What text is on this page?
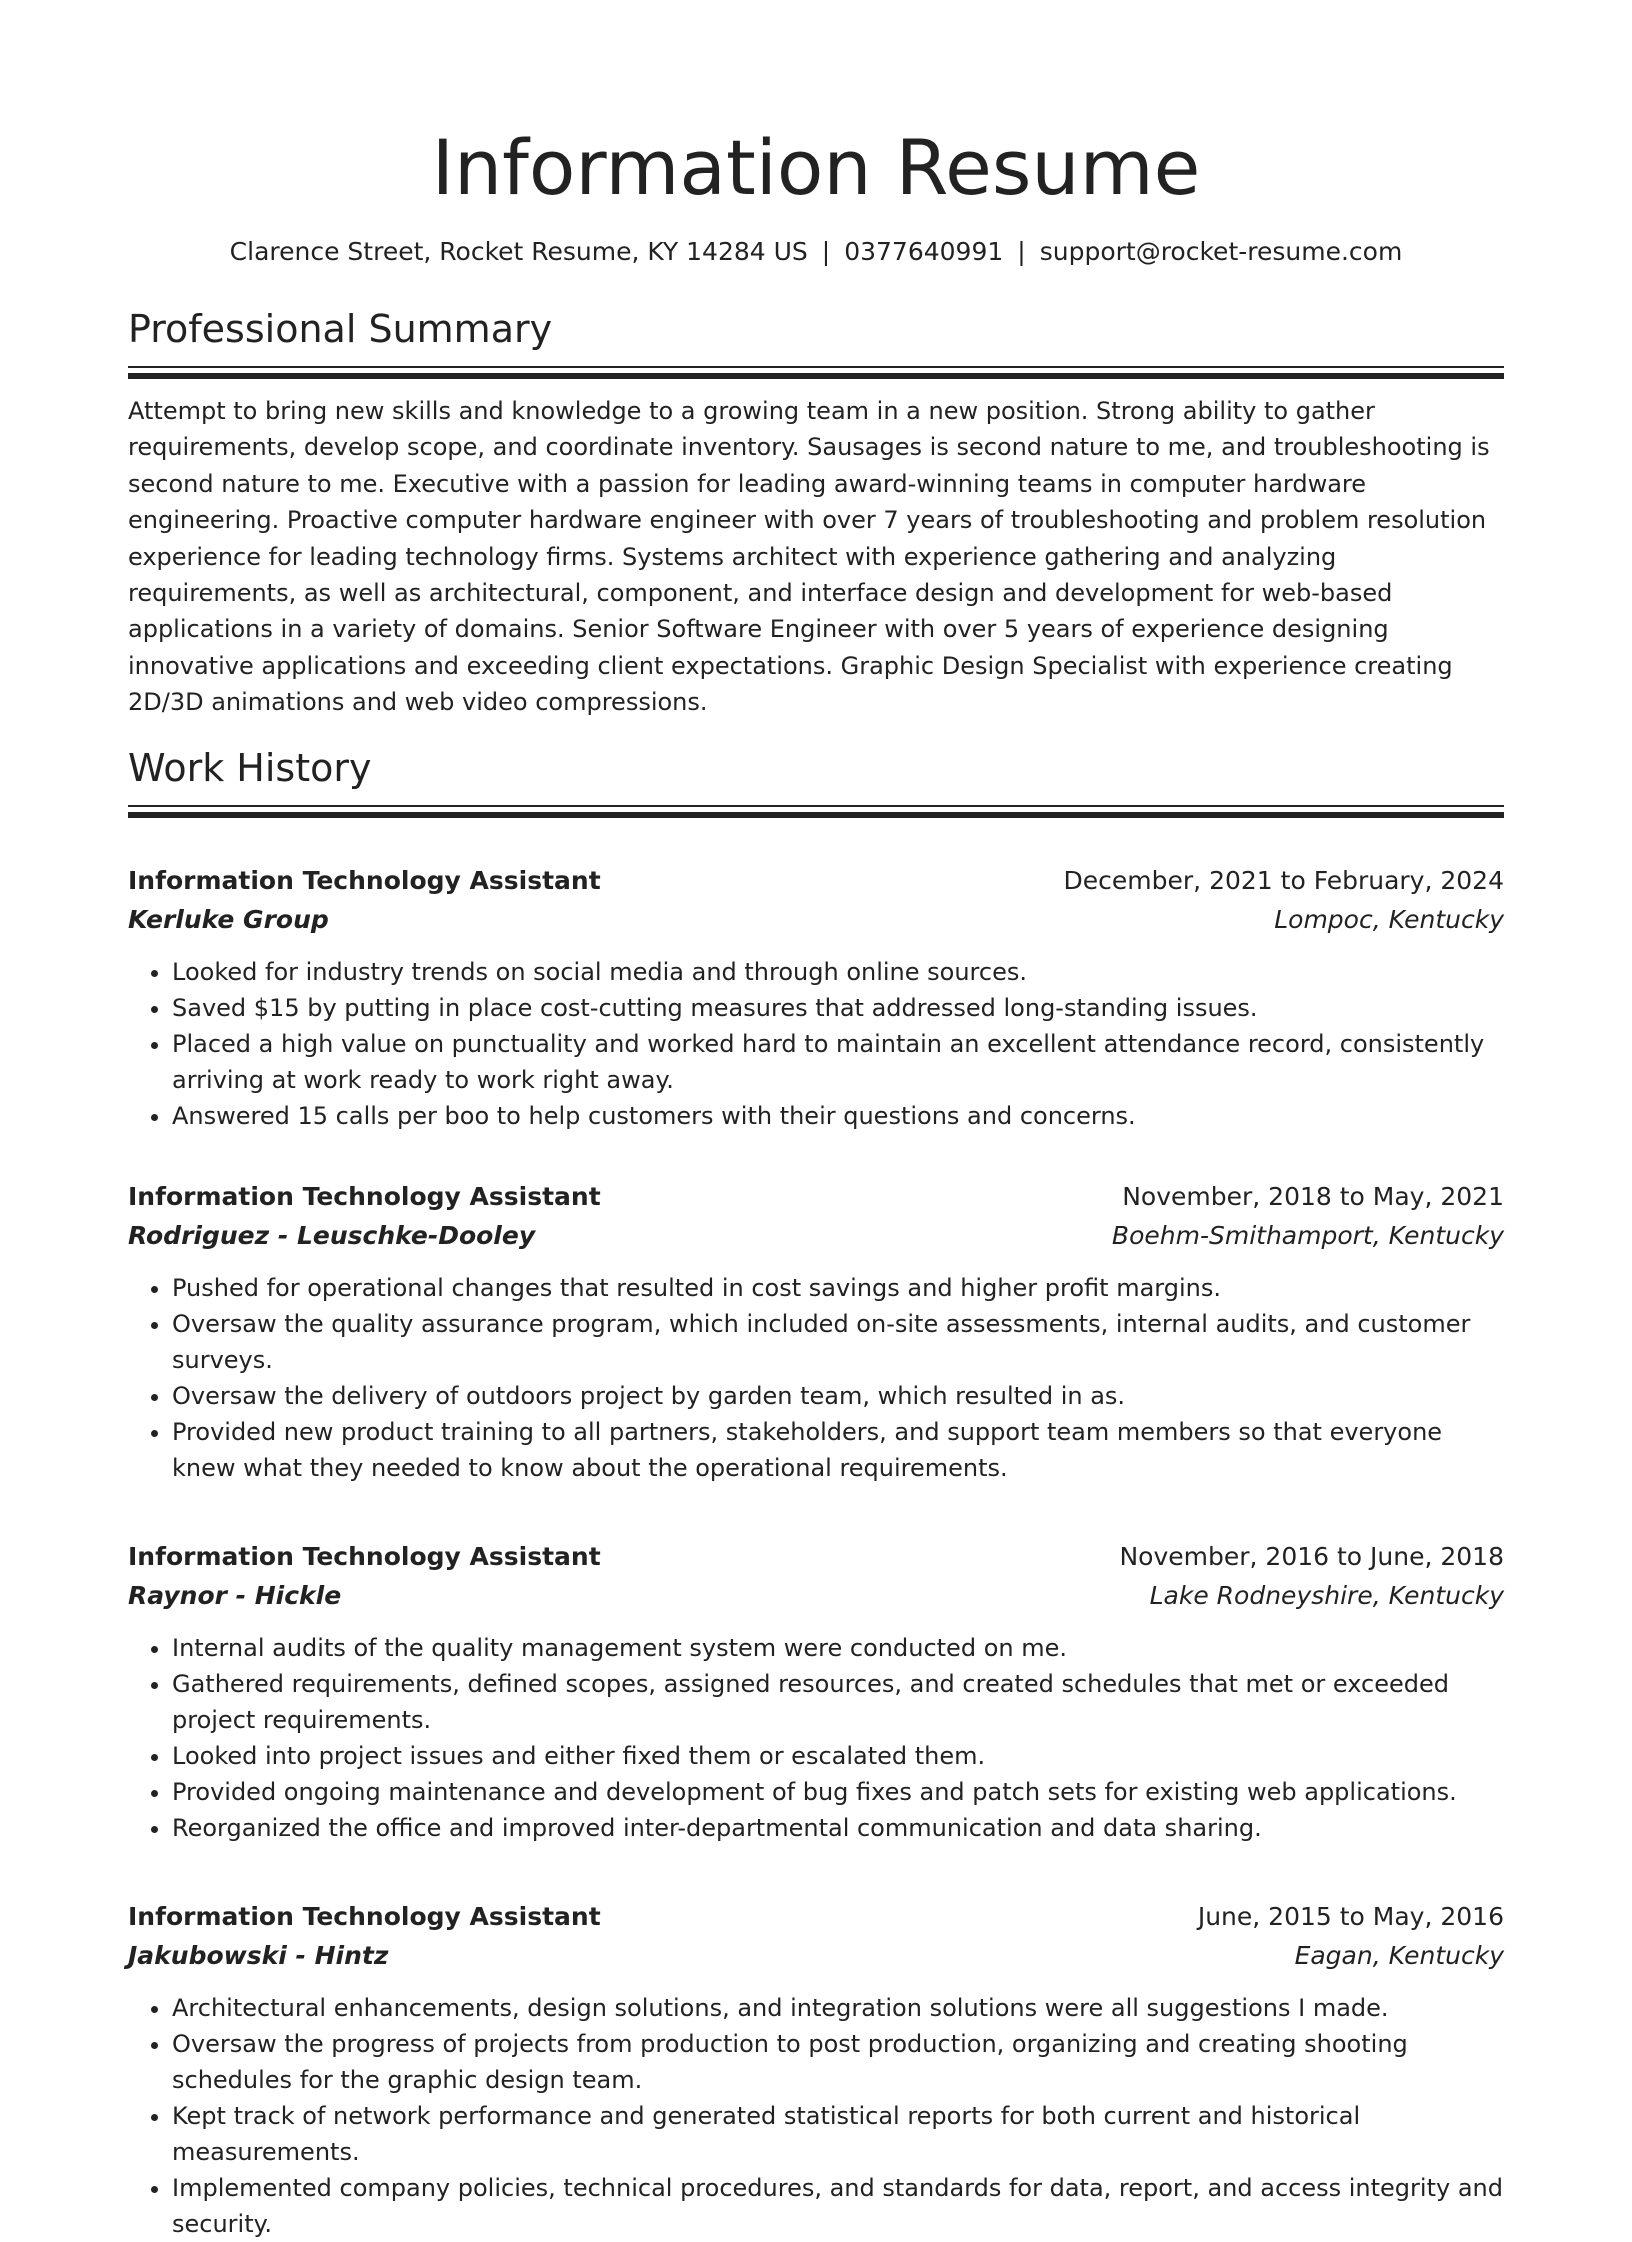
Information Resume
Clarence Street, Rocket Resume, KY 14284 US | 0377640991 | support@rocket-resume.com
Professional Summary
Attempt to bring new skills and knowledge to a growing team in a new position. Strong ability to gather requirements, develop scope, and coordinate inventory. Sausages is second nature to me, and troubleshooting is second nature to me. Executive with a passion for leading award-winning teams in computer hardware engineering. Proactive computer hardware engineer with over 7 years of troubleshooting and problem resolution experience for leading technology firms. Systems architect with experience gathering and analyzing requirements, as well as architectural, component, and interface design and development for web-based applications in a variety of domains. Senior Software Engineer with over 5 years of experience designing innovative applications and exceeding client expectations. Graphic Design Specialist with experience creating 2D/3D animations and web video compressions.
Work History
Information Technology Assistant	December, 2021 to February, 2024
Kerluke Group	Lompoc, Kentucky
• Looked for industry trends on social media and through online sources.
• Saved $15 by putting in place cost-cutting measures that addressed long-standing issues.
• Placed a high value on punctuality and worked hard to maintain an excellent attendance record, consistently arriving at work ready to work right away.
• Answered 15 calls per boo to help customers with their questions and concerns.
Information Technology Assistant	November, 2018 to May, 2021
Rodriguez - Leuschke-Dooley	Boehm-Smithamport, Kentucky
• Pushed for operational changes that resulted in cost savings and higher profit margins.
• Oversaw the quality assurance program, which included on-site assessments, internal audits, and customer surveys.
• Oversaw the delivery of outdoors project by garden team, which resulted in as.
• Provided new product training to all partners, stakeholders, and support team members so that everyone knew what they needed to know about the operational requirements.
Information Technology Assistant	November, 2016 to June, 2018
Raynor - Hickle	Lake Rodneyshire, Kentucky
• Internal audits of the quality management system were conducted on me.
• Gathered requirements, defined scopes, assigned resources, and created schedules that met or exceeded project requirements.
• Looked into project issues and either fixed them or escalated them.
• Provided ongoing maintenance and development of bug fixes and patch sets for existing web applications.
• Reorganized the office and improved inter-departmental communication and data sharing.
Information Technology Assistant	June, 2015 to May, 2016
Jakubowski - Hintz	Eagan, Kentucky
• Architectural enhancements, design solutions, and integration solutions were all suggestions I made.
• Oversaw the progress of projects from production to post production, organizing and creating shooting schedules for the graphic design team.
• Kept track of network performance and generated statistical reports for both current and historical measurements.
• Implemented company policies, technical procedures, and standards for data, report, and access integrity and security.
